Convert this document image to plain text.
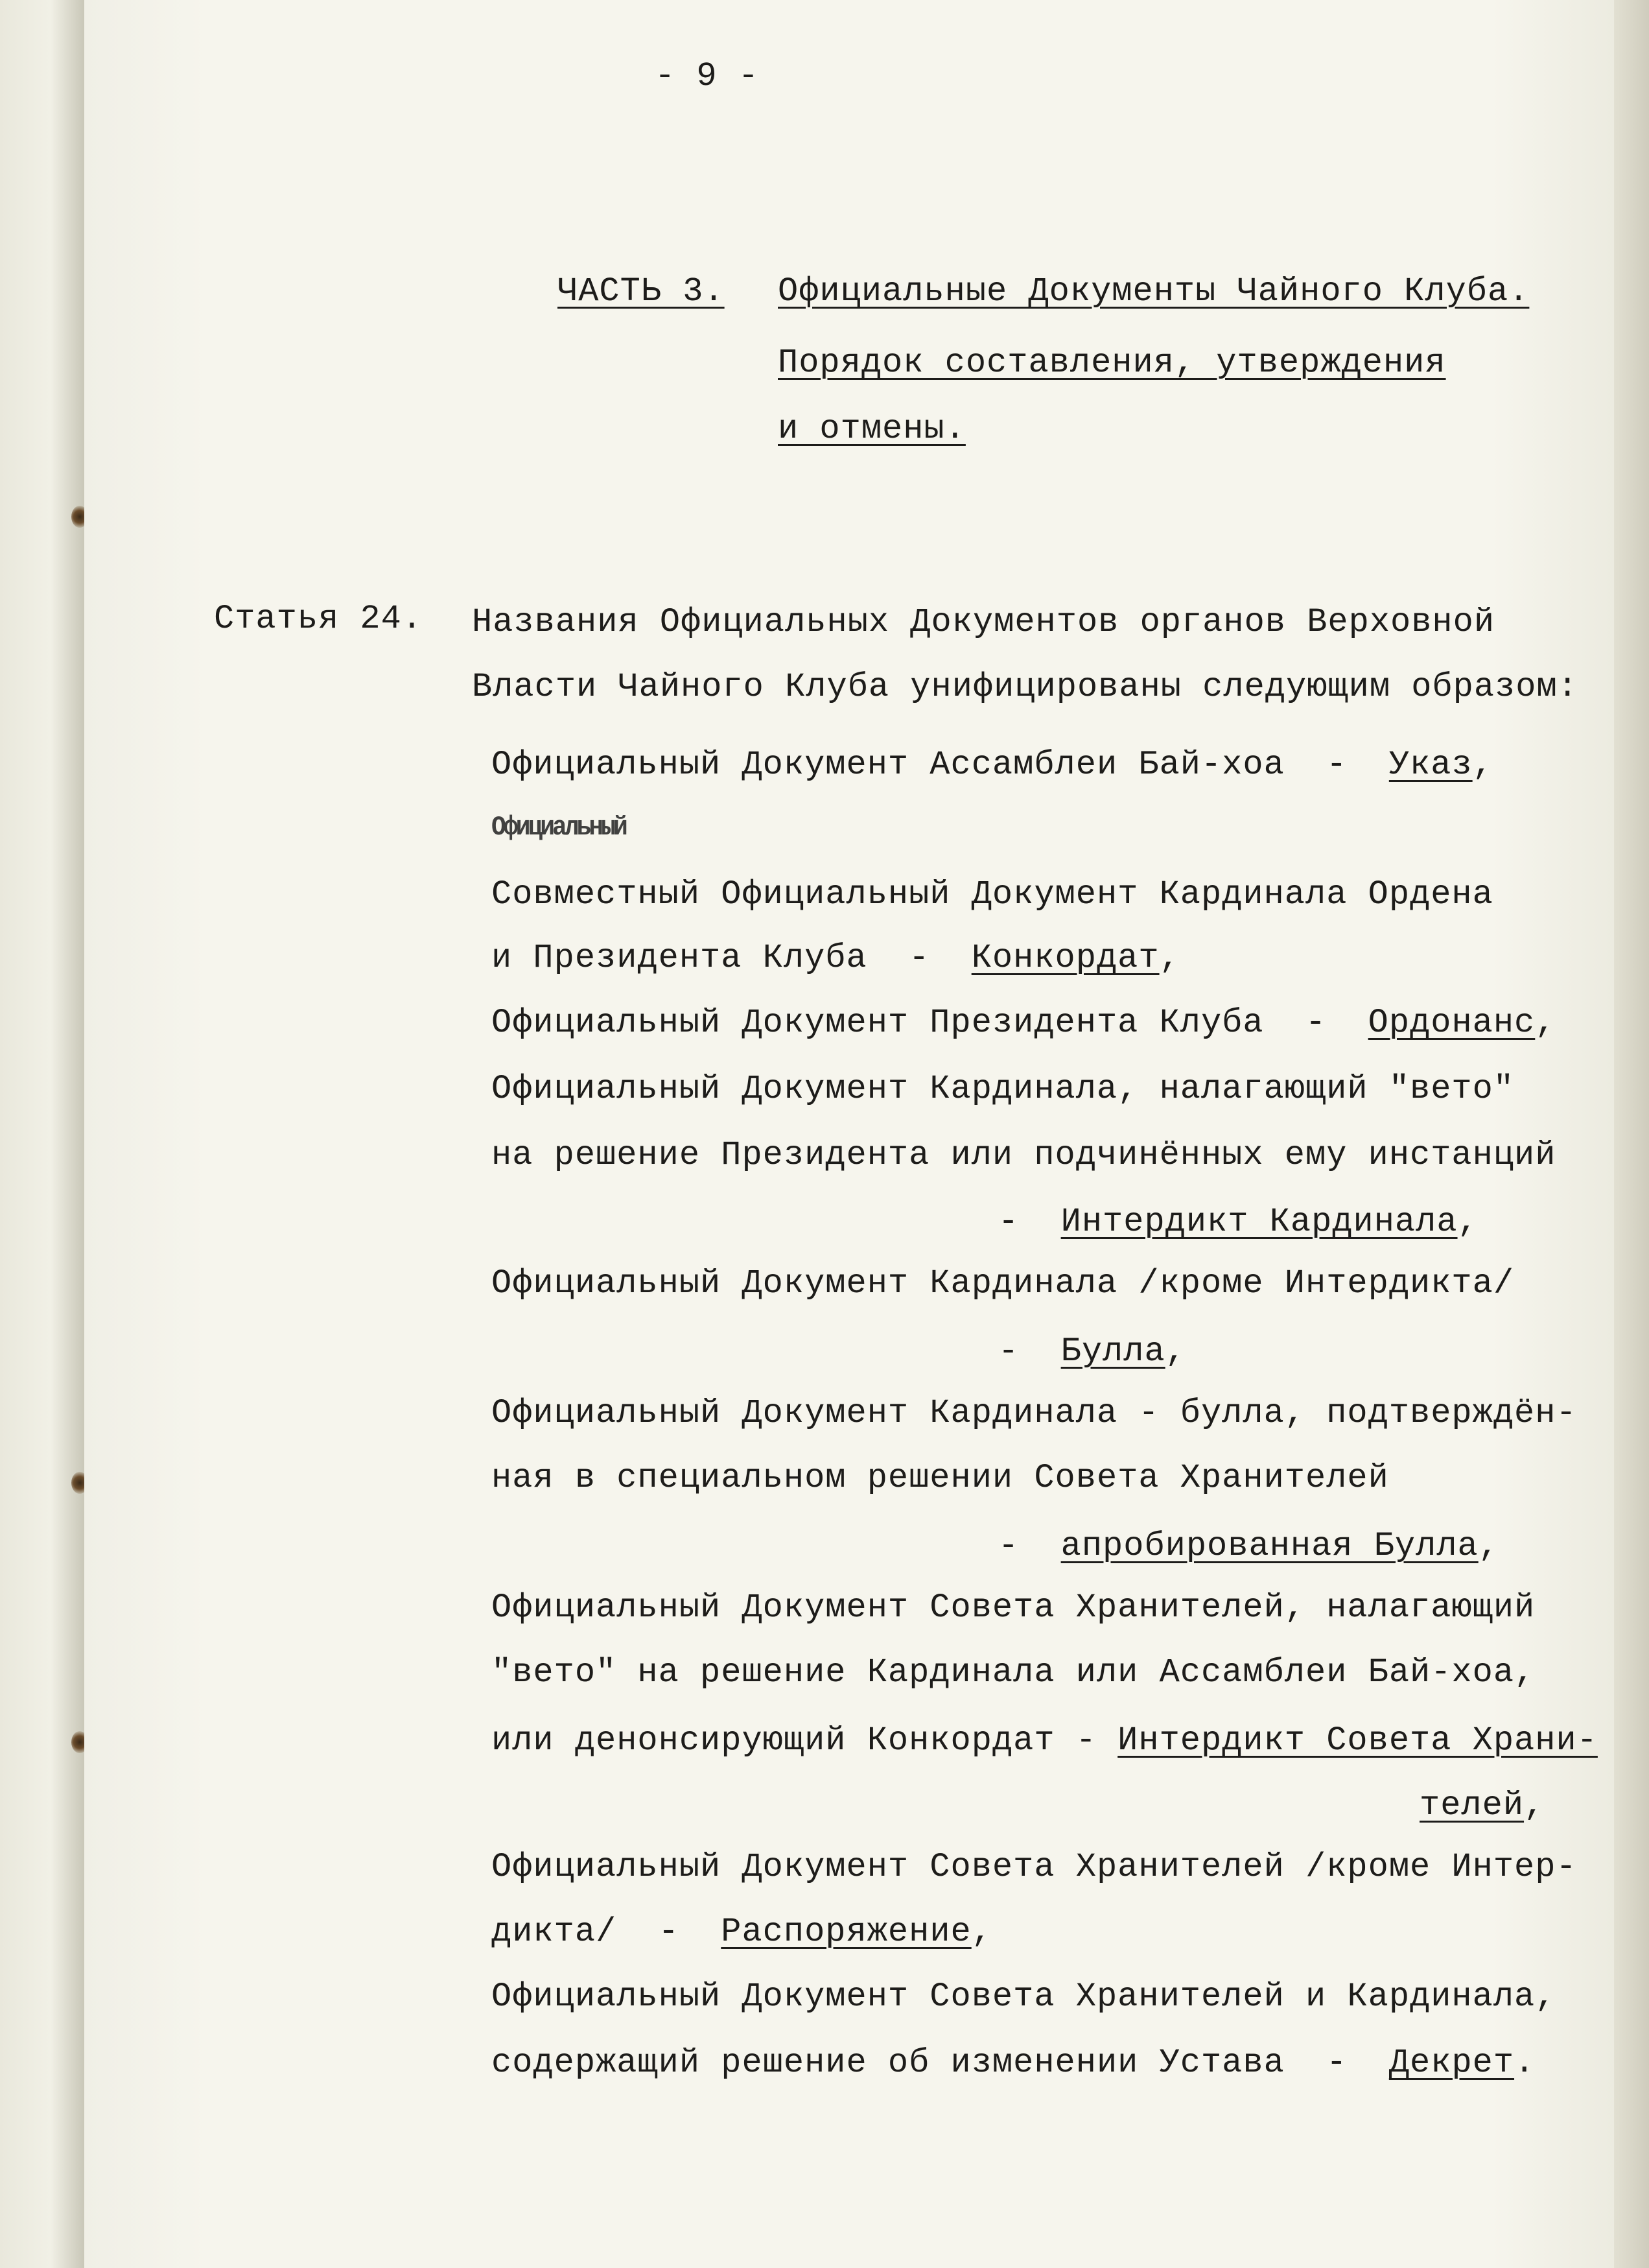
- 9 -
ЧАСТЬ 3. Официальные Документы Чайного Клуба.
Порядок составления, утверждения
и отмены.
Статья 24. Названия Официальных Документов органов Верховной
Власти Чайного Клуба унифицированы следующим образом:
Официальный Документ Ассамблеи Бай-хоа  -  Указ,
Официальный
Совместный Официальный Документ Кардинала Ордена
и Президента Клуба  -  Конкордат,
Официальный Документ Президента Клуба  -  Ордонанс,
Официальный Документ Кардинала, налагающий "вето"
на решение Президента или подчинённых ему инстанций
-  Интердикт Кардинала,
Официальный Документ Кардинала /кроме Интердикта/
-  Булла,
Официальный Документ Кардинала - булла, подтверждён-
ная в специальном решении Совета Хранителей
-  апробированная Булла,
Официальный Документ Совета Хранителей, налагающий
"вето" на решение Кардинала или Ассамблеи Бай-хоа,
или денонсирующий Конкордат - Интердикт Совета Храни-
телей,
Официальный Документ Совета Хранителей /кроме Интер-
дикта/  -  Распоряжение,
Официальный Документ Совета Хранителей и Кардинала,
содержащий решение об изменении Устава  -  Декрет.
